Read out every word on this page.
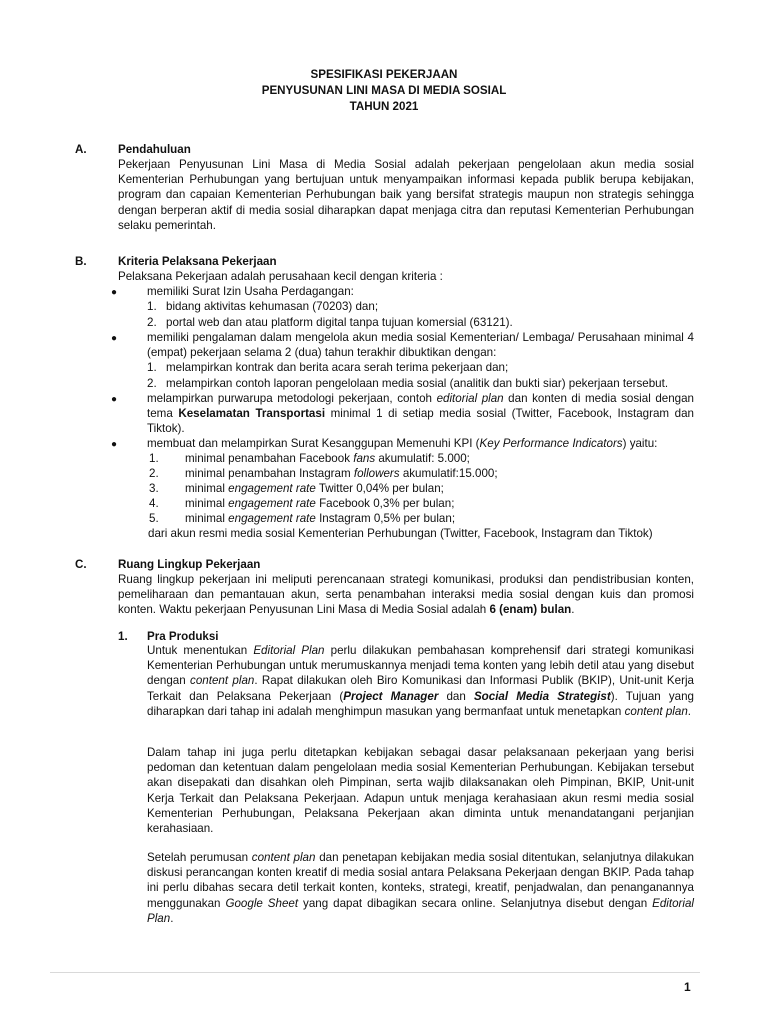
SPESIFIKASI PEKERJAAN
PENYUSUNAN LINI MASA DI MEDIA SOSIAL
TAHUN 2021
A.	Pendahuluan
Pekerjaan Penyusunan Lini Masa di Media Sosial adalah pekerjaan pengelolaan akun media sosial Kementerian Perhubungan yang bertujuan untuk menyampaikan informasi kepada publik berupa kebijakan, program dan capaian Kementerian Perhubungan baik yang bersifat strategis maupun non strategis sehingga dengan berperan aktif di media sosial diharapkan dapat menjaga citra dan reputasi Kementerian Perhubungan selaku pemerintah.
B.	Kriteria Pelaksana Pekerjaan
Pelaksana Pekerjaan adalah perusahaan kecil dengan kriteria :
●	memiliki Surat Izin Usaha Perdagangan:
1. bidang aktivitas kehumasan (70203) dan;
2. portal web dan atau platform digital tanpa tujuan komersial (63121).
●	memiliki pengalaman dalam mengelola akun media sosial Kementerian/ Lembaga/ Perusahaan minimal 4 (empat) pekerjaan selama 2 (dua) tahun terakhir dibuktikan dengan:
1. melampirkan kontrak dan berita acara serah terima pekerjaan dan;
2. melampirkan contoh laporan pengelolaan media sosial (analitik dan bukti siar) pekerjaan tersebut.
●	melampirkan purwarupa metodologi pekerjaan, contoh editorial plan dan konten di media sosial dengan tema Keselamatan Transportasi minimal 1 di setiap media sosial (Twitter, Facebook, Instagram dan Tiktok).
●	membuat dan melampirkan Surat Kesanggupan Memenuhi KPI (Key Performance Indicators) yaitu:
1. minimal penambahan Facebook fans akumulatif: 5.000;
2. minimal penambahan Instagram followers akumulatif:15.000;
3. minimal engagement rate Twitter 0,04% per bulan;
4. minimal engagement rate Facebook 0,3% per bulan;
5. minimal engagement rate Instagram 0,5% per bulan;
dari akun resmi media sosial Kementerian Perhubungan (Twitter, Facebook, Instagram dan Tiktok)
C.	Ruang Lingkup Pekerjaan
Ruang lingkup pekerjaan ini meliputi perencanaan strategi komunikasi, produksi dan pendistribusian konten, pemeliharaan dan pemantauan akun, serta penambahan interaksi media sosial dengan kuis dan promosi konten. Waktu pekerjaan Penyusunan Lini Masa di Media Sosial adalah 6 (enam) bulan.
1. Pra Produksi
Untuk menentukan Editorial Plan perlu dilakukan pembahasan komprehensif dari strategi komunikasi Kementerian Perhubungan untuk merumuskannya menjadi tema konten yang lebih detil atau yang disebut dengan content plan. Rapat dilakukan oleh Biro Komunikasi dan Informasi Publik (BKIP), Unit-unit Kerja Terkait dan Pelaksana Pekerjaan (Project Manager dan Social Media Strategist). Tujuan yang diharapkan dari tahap ini adalah menghimpun masukan yang bermanfaat untuk menetapkan content plan.
Dalam tahap ini juga perlu ditetapkan kebijakan sebagai dasar pelaksanaan pekerjaan yang berisi pedoman dan ketentuan dalam pengelolaan media sosial Kementerian Perhubungan. Kebijakan tersebut akan disepakati dan disahkan oleh Pimpinan, serta wajib dilaksanakan oleh Pimpinan, BKIP, Unit-unit Kerja Terkait dan Pelaksana Pekerjaan. Adapun untuk menjaga kerahasiaan akun resmi media sosial Kementerian Perhubungan, Pelaksana Pekerjaan akan diminta untuk menandatangani perjanjian kerahasiaan.
Setelah perumusan content plan dan penetapan kebijakan media sosial ditentukan, selanjutnya dilakukan diskusi perancangan konten kreatif di media sosial antara Pelaksana Pekerjaan dengan BKIP. Pada tahap ini perlu dibahas secara detil terkait konten, konteks, strategi, kreatif, penjadwalan, dan penanganannya menggunakan Google Sheet yang dapat dibagikan secara online. Selanjutnya disebut dengan Editorial Plan.
1
